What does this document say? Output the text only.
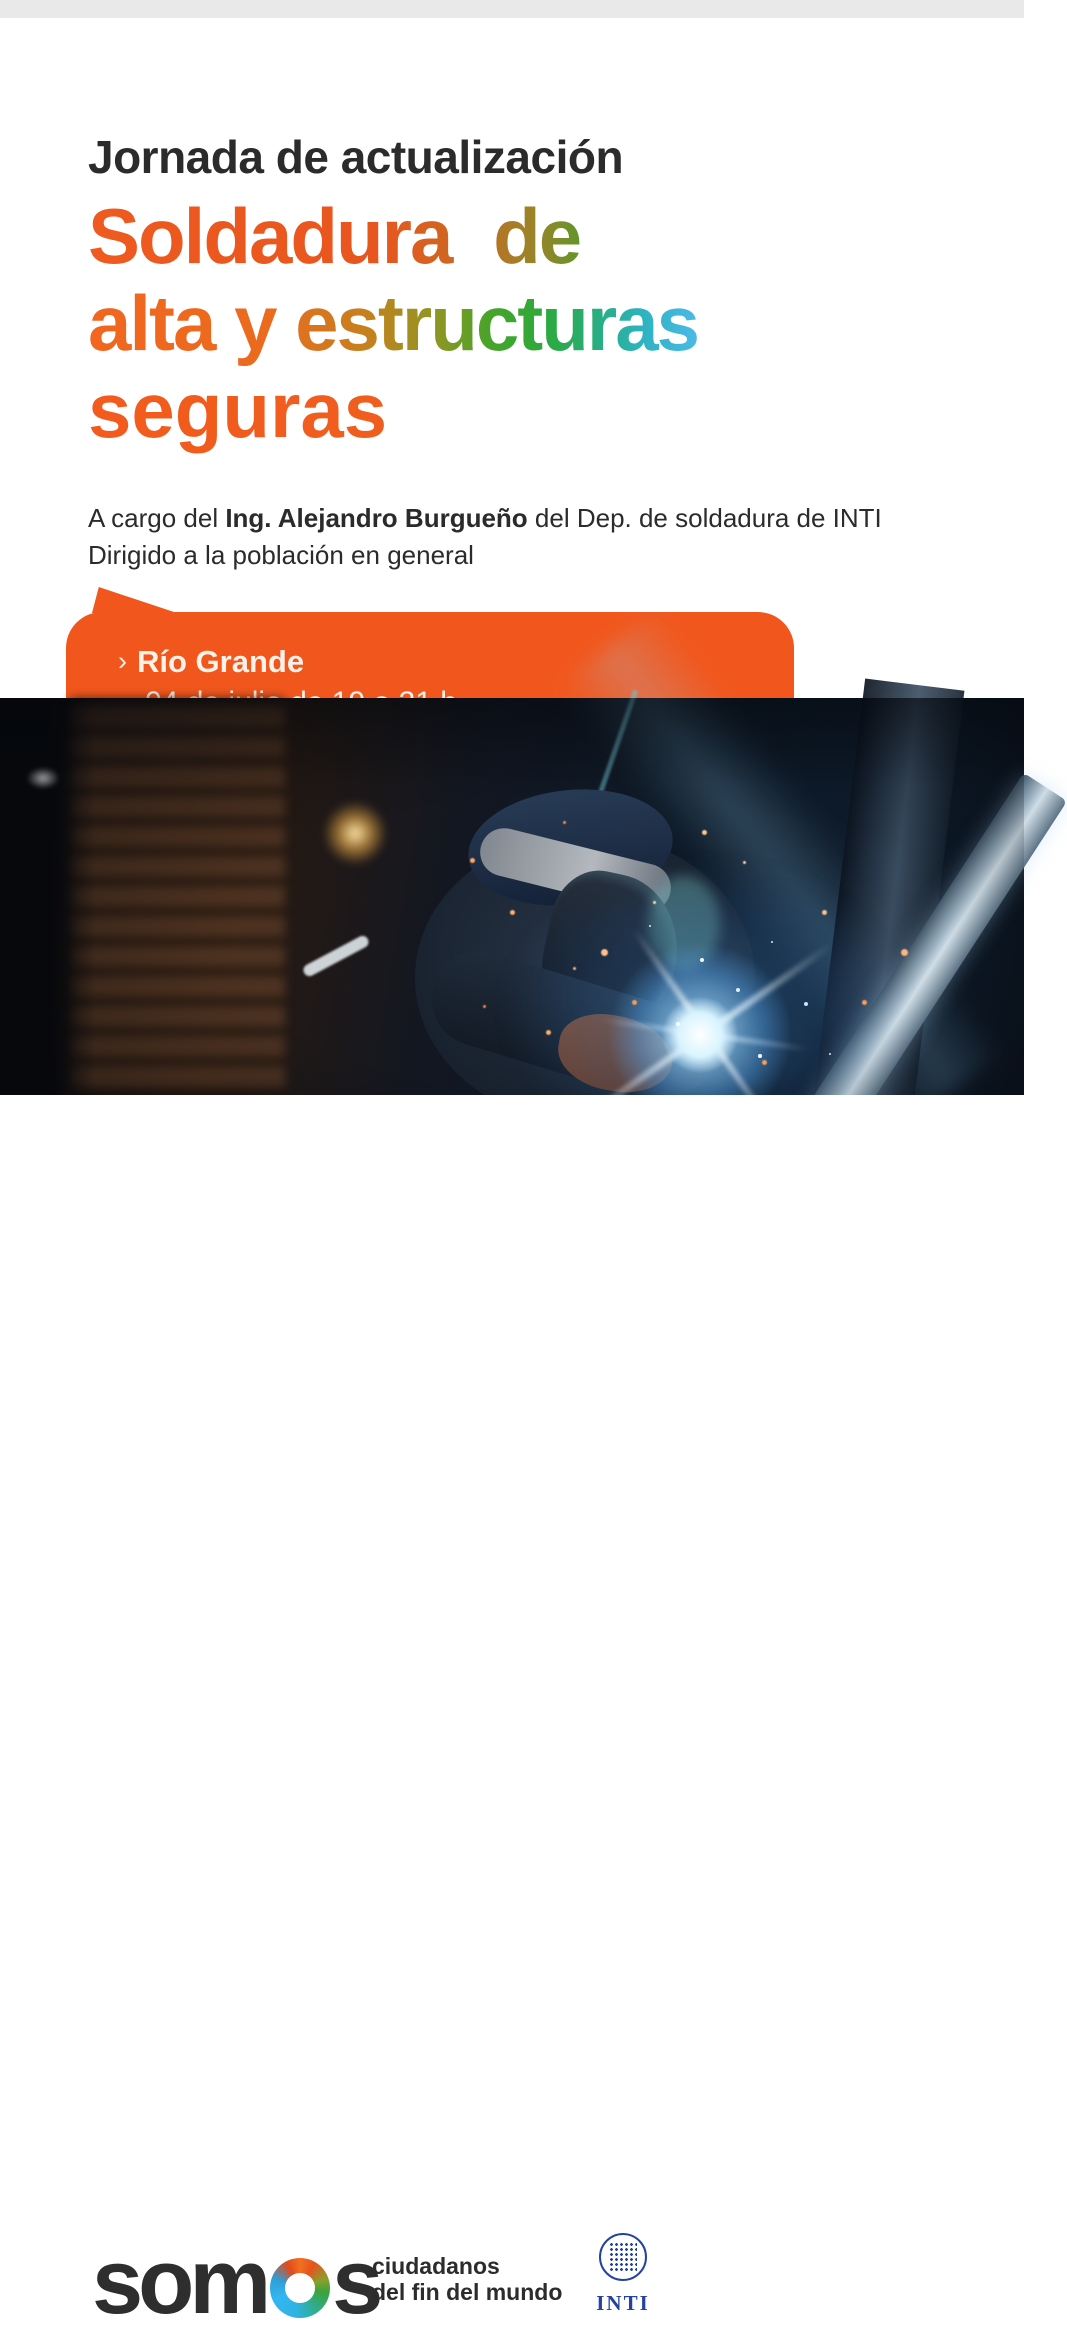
Jornada de actualización
Soldadura de
alta y estructuras
seguras
A cargo del Ing. Alejandro Burgueño del Dep. de soldadura de INTI
Dirigido a la población en general
› Río Grande
som s
ciudadanos
del fin del mundo	INTI
